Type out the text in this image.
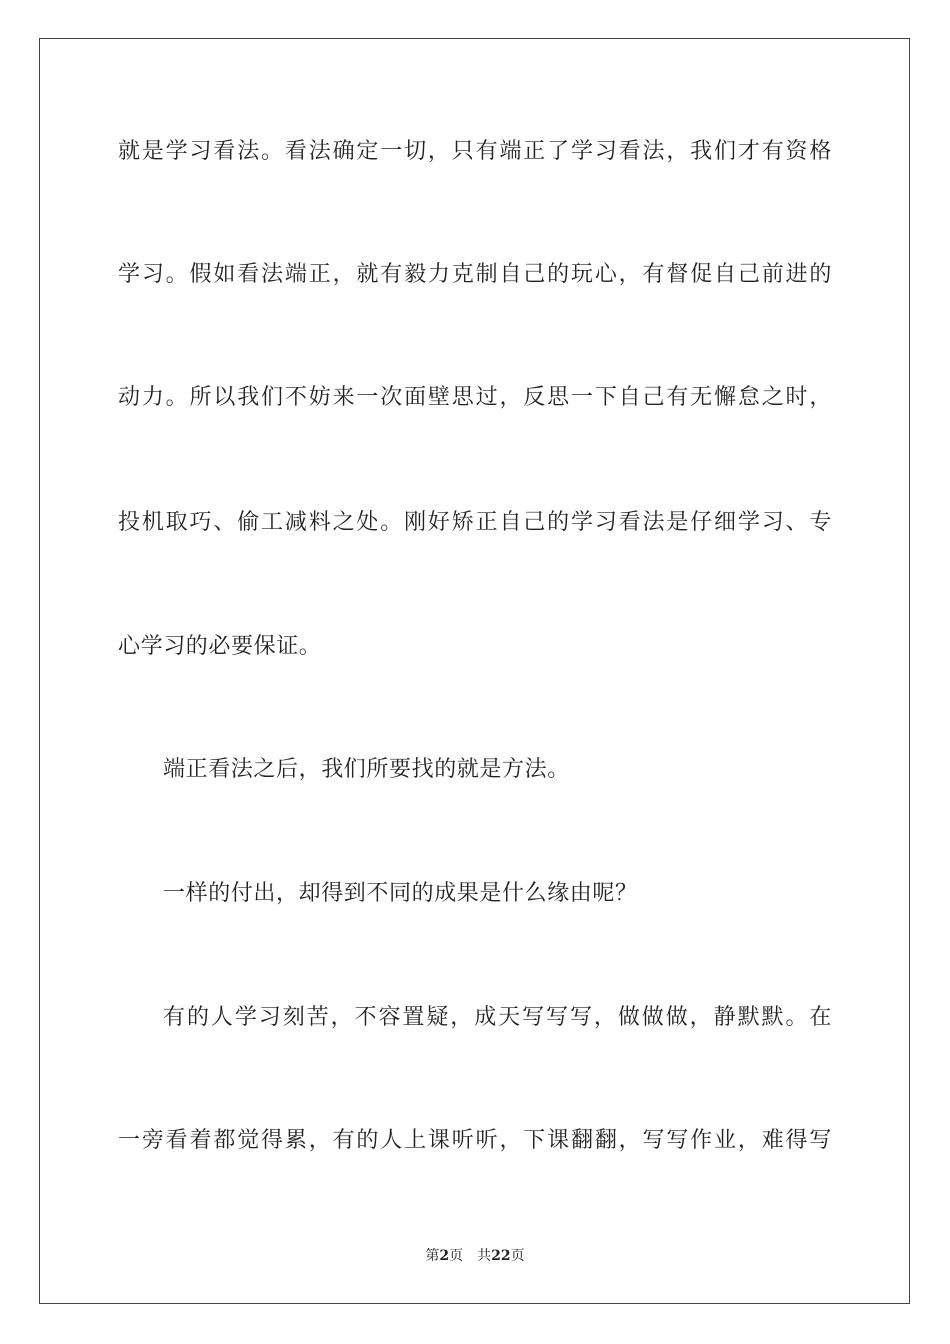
就是学习看法。看法确定一切，只有端正了学习看法，我们才有资格
学习。假如看法端正，就有毅力克制自己的玩心，有督促自己前进的
动力。所以我们不妨来一次面壁思过，反思一下自己有无懈怠之时，
投机取巧、偷工减料之处。刚好矫正自己的学习看法是仔细学习、专
心学习的必要保证。
端正看法之后，我们所要找的就是方法。
一样的付出，却得到不同的成果是什么缘由呢？
有的人学习刻苦，不容置疑，成天写写写，做做做，静默默。在
一旁看着都觉得累，有的人上课听听，下课翻翻，写写作业，难得写
第2页 共22页
